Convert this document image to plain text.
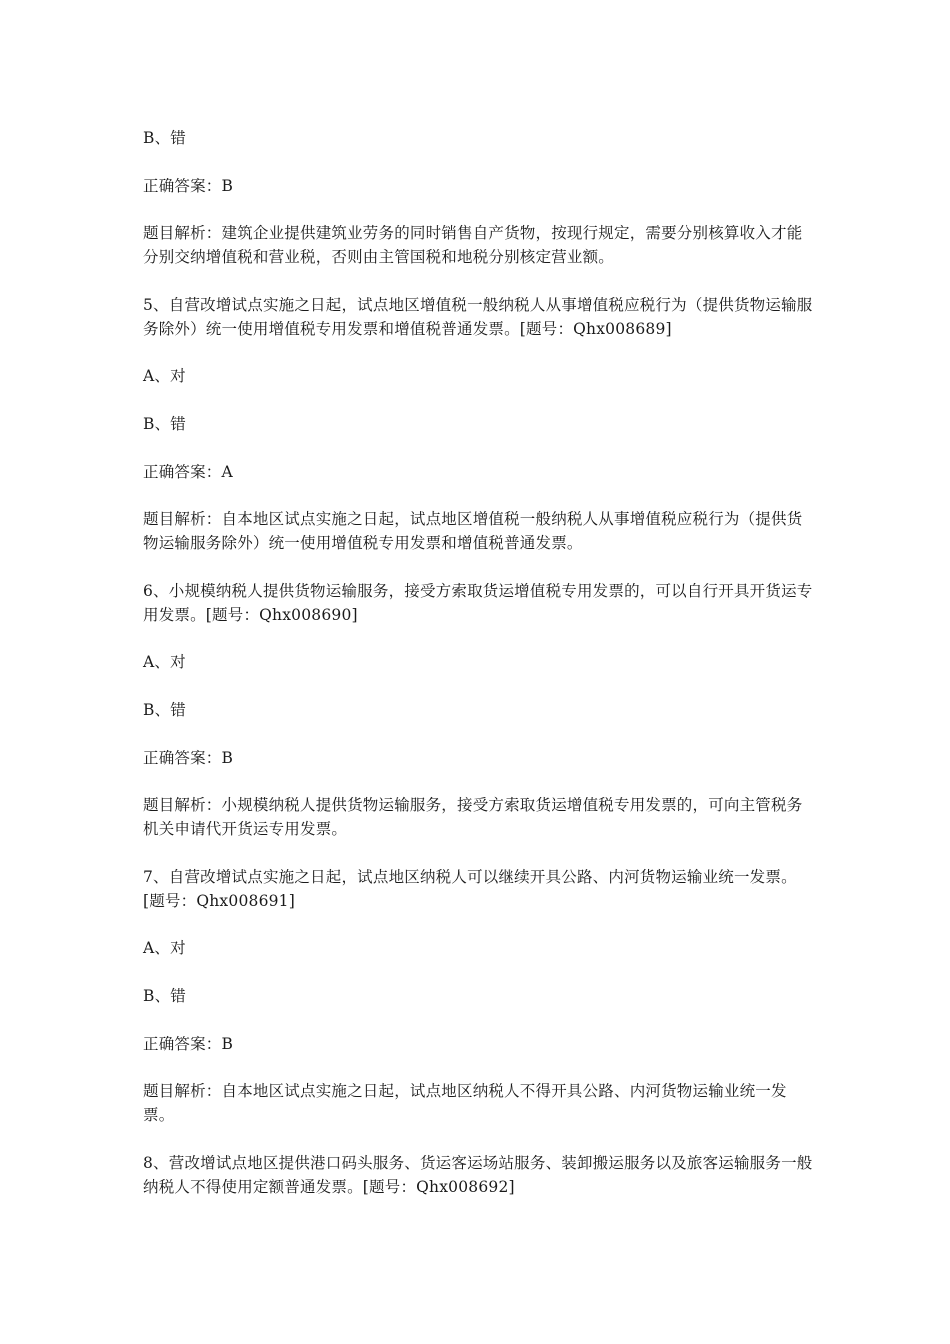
B、错
正确答案：B
题目解析：建筑企业提供建筑业劳务的同时销售自产货物，按现行规定，需要分别核算收入才能分别交纳增值税和营业税，否则由主管国税和地税分别核定营业额。
5、自营改增试点实施之日起，试点地区增值税一般纳税人从事增值税应税行为（提供货物运输服务除外）统一使用增值税专用发票和增值税普通发票。[题号：Qhx008689]
A、对
B、错
正确答案：A
题目解析：自本地区试点实施之日起，试点地区增值税一般纳税人从事增值税应税行为（提供货物运输服务除外）统一使用增值税专用发票和增值税普通发票。
6、小规模纳税人提供货物运输服务，接受方索取货运增值税专用发票的，可以自行开具开货运专用发票。[题号：Qhx008690]
A、对
B、错
正确答案：B
题目解析：小规模纳税人提供货物运输服务，接受方索取货运增值税专用发票的，可向主管税务机关申请代开货运专用发票。
7、自营改增试点实施之日起，试点地区纳税人可以继续开具公路、内河货物运输业统一发票。[题号：Qhx008691]
A、对
B、错
正确答案：B
题目解析：自本地区试点实施之日起，试点地区纳税人不得开具公路、内河货物运输业统一发票。
8、营改增试点地区提供港口码头服务、货运客运场站服务、装卸搬运服务以及旅客运输服务一般纳税人不得使用定额普通发票。[题号：Qhx008692]
